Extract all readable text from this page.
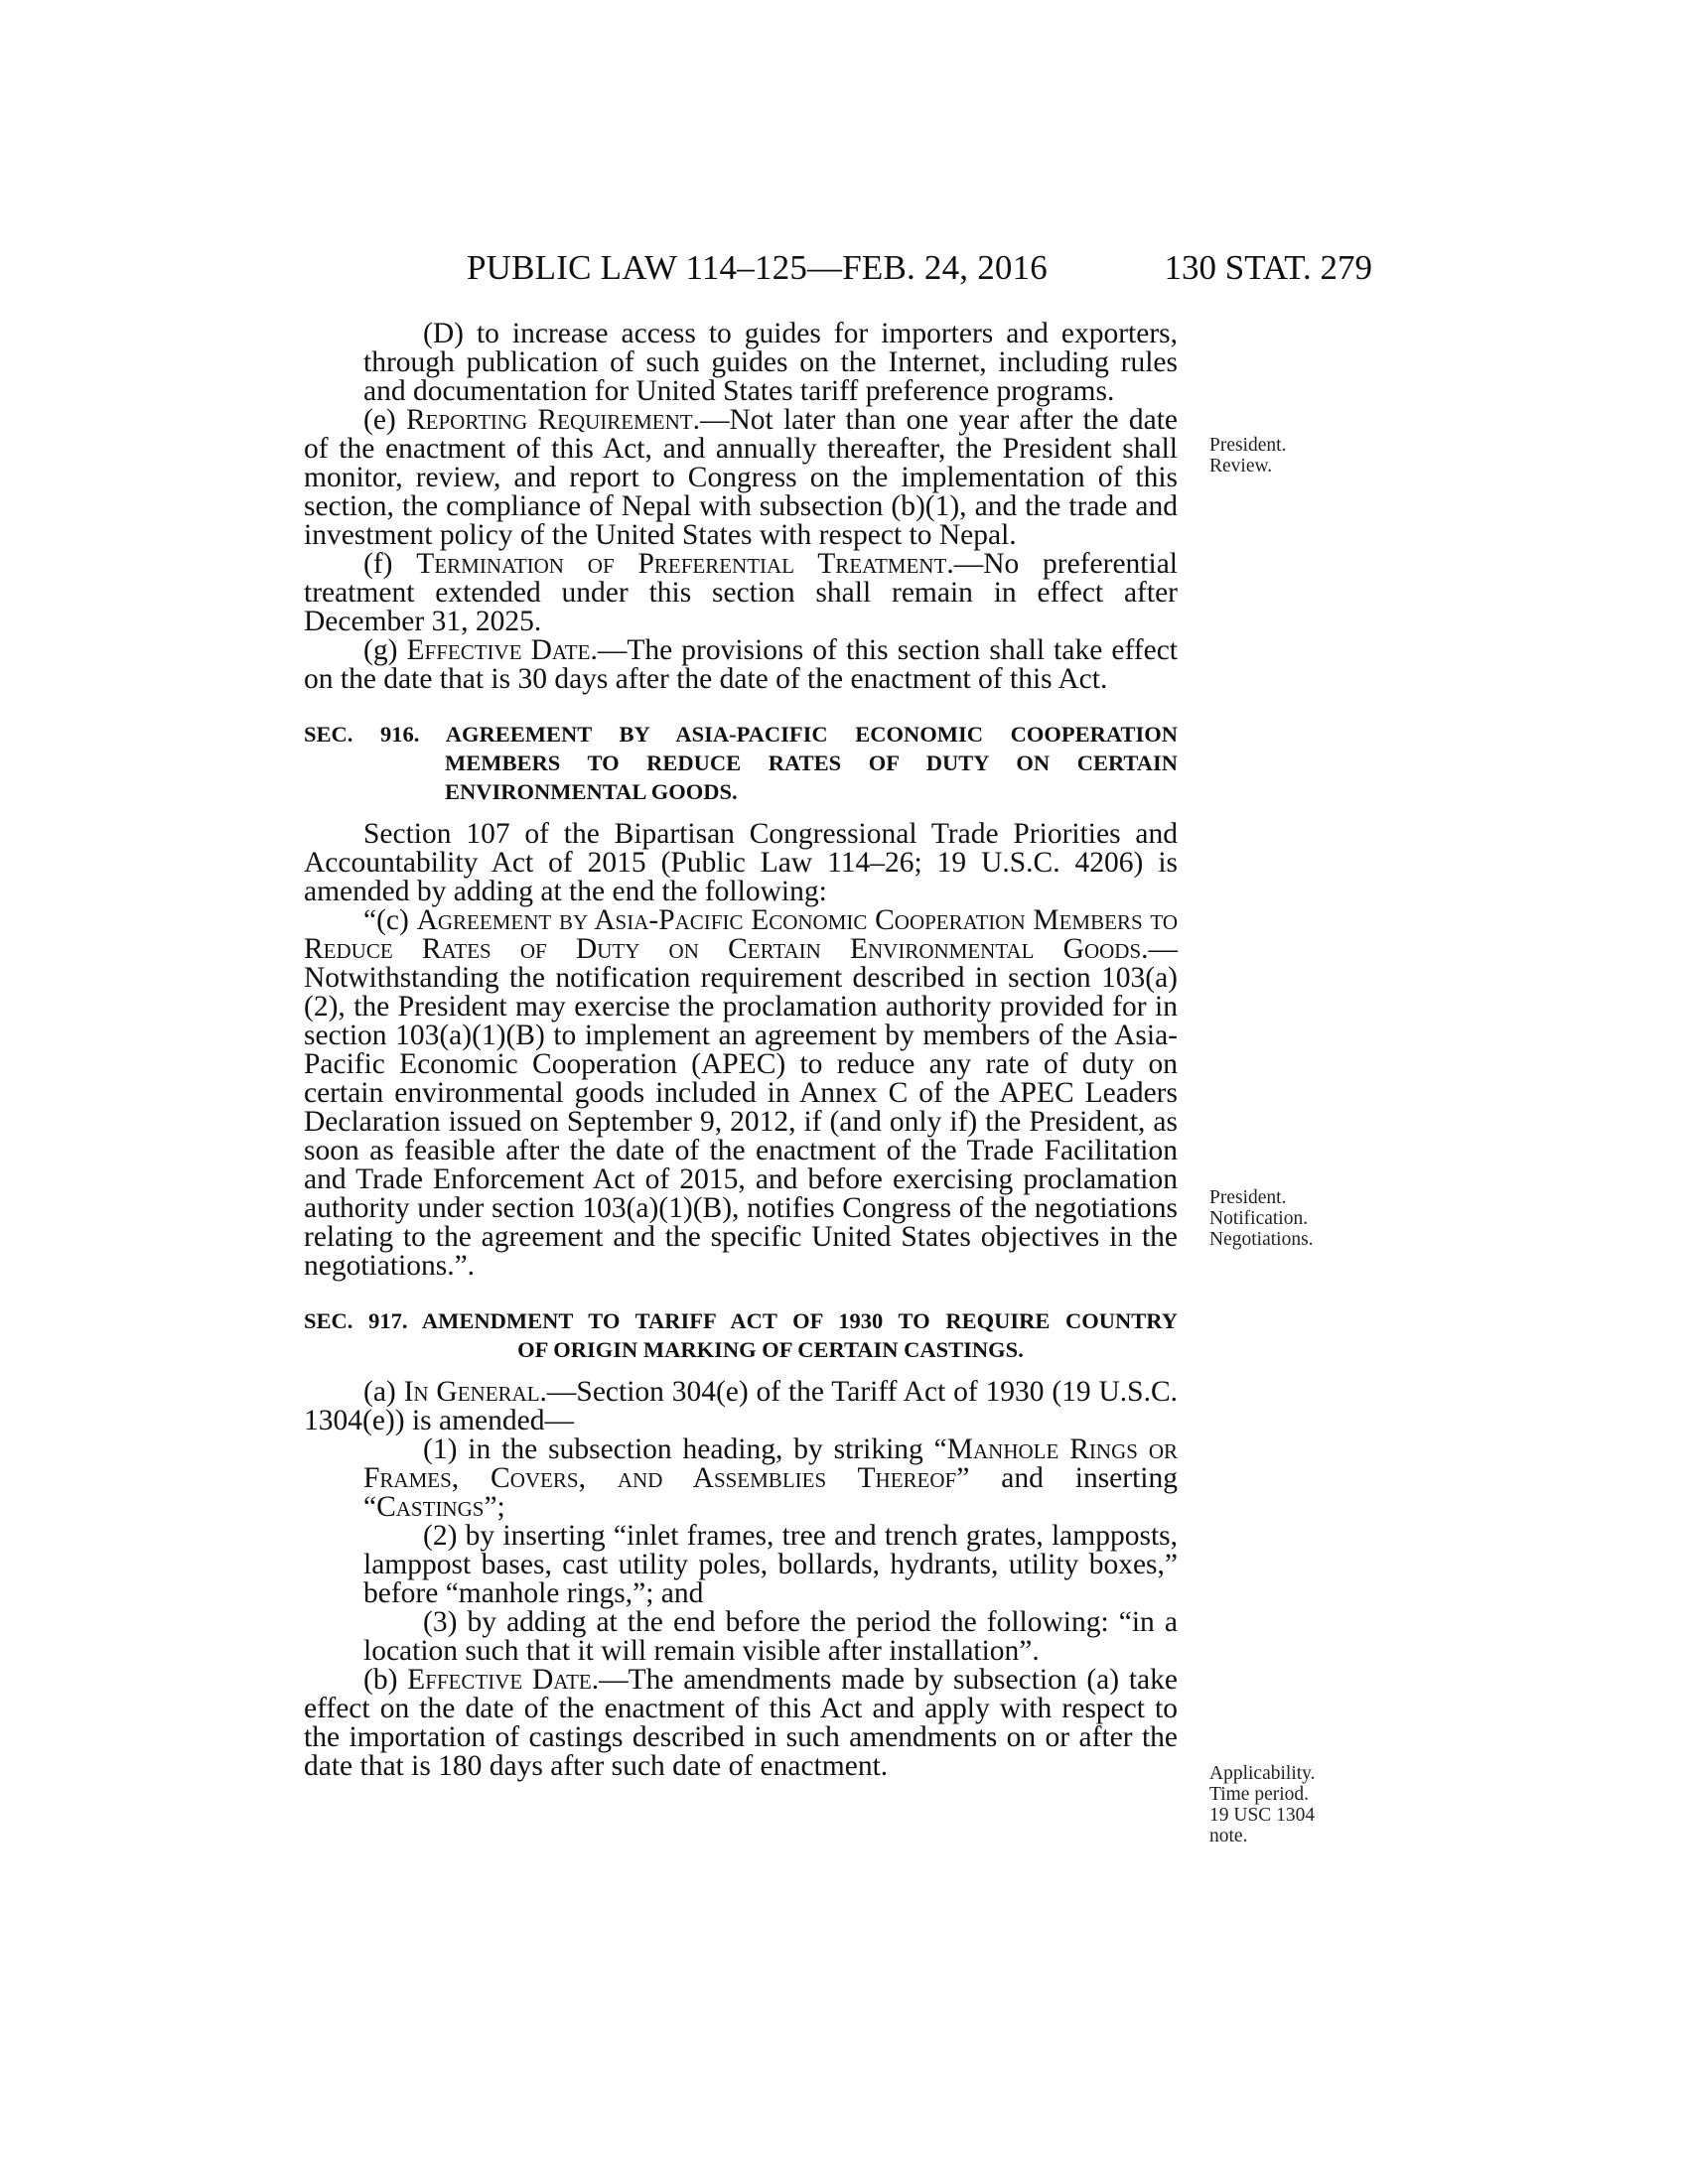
PUBLIC LAW 114–125—FEB. 24, 2016	130 STAT. 279
President.
Review.
President.
Notification.
Negotiations.
Applicability.
Time period.
19 USC 1304
note.

(D) to increase access to guides for importers and exporters, through publication of such guides on the Internet, including rules and documentation for United States tariff preference programs.

(e) Reporting Requirement.—Not later than one year after the date of the enactment of this Act, and annually thereafter, the President shall monitor, review, and report to Congress on the implementation of this section, the compliance of Nepal with subsection (b)(1), and the trade and investment policy of the United States with respect to Nepal.

(f) Termination of Preferential Treatment.—No preferential treatment extended under this section shall remain in effect after December 31, 2025.

(g) Effective Date.—The provisions of this section shall take effect on the date that is 30 days after the date of the enactment of this Act.

SEC. 916. AGREEMENT BY ASIA-PACIFIC ECONOMIC COOPERATION
MEMBERS TO REDUCE RATES OF DUTY ON CERTAIN ENVIRONMENTAL GOODS.

Section 107 of the Bipartisan Congressional Trade Priorities and Accountability Act of 2015 (Public Law 114–26; 19 U.S.C. 4206) is amended by adding at the end the following:

“(c) Agreement by Asia-Pacific Economic Cooperation Members to Reduce Rates of Duty on Certain Environmental Goods.—Notwithstanding the notification requirement described in section 103(a)(2), the President may exercise the proclamation authority provided for in section 103(a)(1)(B) to implement an agreement by members of the Asia-Pacific Economic Cooperation (APEC) to reduce any rate of duty on certain environmental goods included in Annex C of the APEC Leaders Declaration issued on September 9, 2012, if (and only if) the President, as soon as feasible after the date of the enactment of the Trade Facilitation and Trade Enforcement Act of 2015, and before exercising proclamation authority under section 103(a)(1)(B), notifies Congress of the negotiations relating to the agreement and the specific United States objectives in the negotiations.”.

SEC. 917. AMENDMENT TO TARIFF ACT OF 1930 TO REQUIRE COUNTRY
OF ORIGIN MARKING OF CERTAIN CASTINGS.

(a) In General.—Section 304(e) of the Tariff Act of 1930 (19 U.S.C. 1304(e)) is amended—

(1) in the subsection heading, by striking “Manhole Rings or Frames, Covers, and Assemblies Thereof” and inserting “Castings”;

(2) by inserting “inlet frames, tree and trench grates, lampposts, lamppost bases, cast utility poles, bollards, hydrants, utility boxes,” before “manhole rings,”; and

(3) by adding at the end before the period the following: “in a location such that it will remain visible after installation”.

(b) Effective Date.—The amendments made by subsection (a) take effect on the date of the enactment of this Act and apply with respect to the importation of castings described in such amendments on or after the date that is 180 days after such date of enactment.
